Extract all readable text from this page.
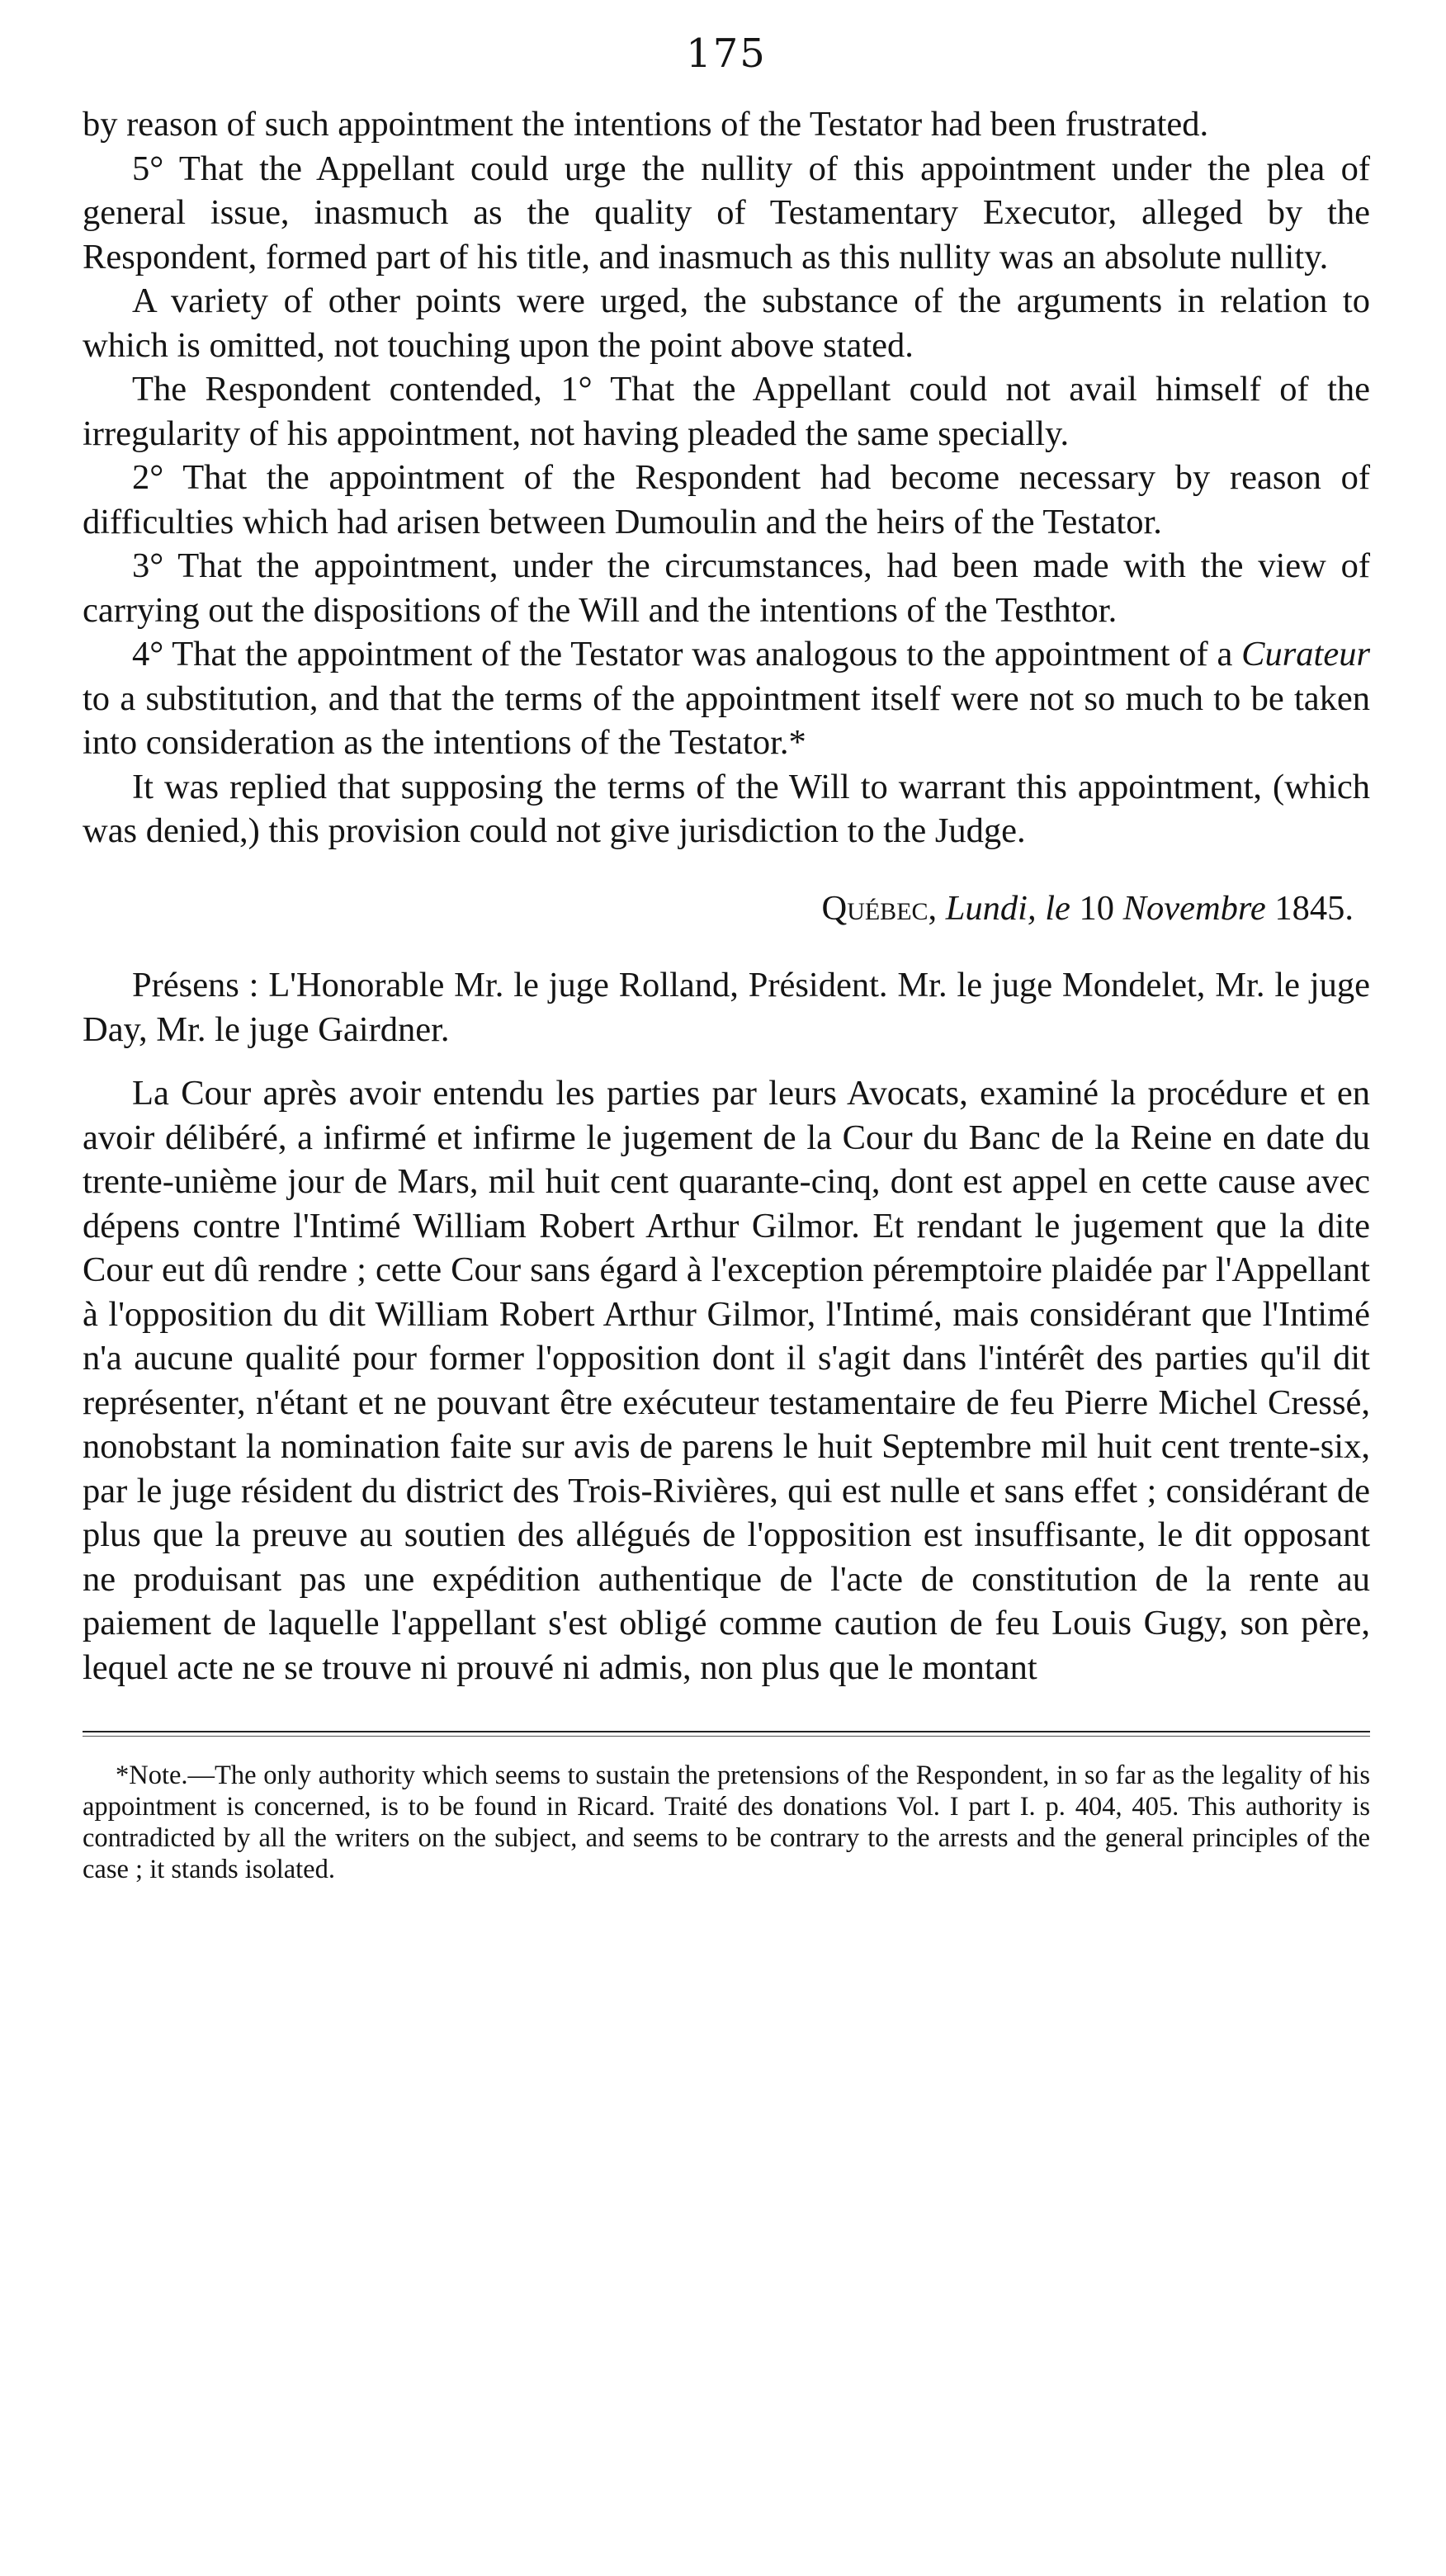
175

by reason of such appointment the intentions of the Testator had been frustrated.

5° That the Appellant could urge the nullity of this appointment under the plea of general issue, inasmuch as the quality of Testamentary Executor, alleged by the Respondent, formed part of his title, and inasmuch as this nullity was an absolute nullity.

A variety of other points were urged, the substance of the arguments in relation to which is omitted, not touching upon the point above stated.

The Respondent contended, 1° That the Appellant could not avail himself of the irregularity of his appointment, not having pleaded the same specially.

2° That the appointment of the Respondent had become necessary by reason of difficulties which had arisen between Dumoulin and the heirs of the Testator.

3° That the appointment, under the circumstances, had been made with the view of carrying out the dispositions of the Will and the intentions of the Testhtor.

4° That the appointment of the Testator was analogous to the appointment of a Curateur to a substitution, and that the terms of the appointment itself were not so much to be taken into consideration as the intentions of the Testator.*

It was replied that supposing the terms of the Will to warrant this appointment, (which was denied,) this provision could not give jurisdiction to the Judge.

Québec, Lundi, le 10 Novembre 1845.

Présens : L'Honorable Mr. le juge Rolland, Président. Mr. le juge Mondelet, Mr. le juge Day, Mr. le juge Gairdner.

La Cour après avoir entendu les parties par leurs Avocats, examiné la procédure et en avoir délibéré, a infirmé et infirme le jugement de la Cour du Banc de la Reine en date du trente-unième jour de Mars, mil huit cent quarante-cinq, dont est appel en cette cause avec dépens contre l'Intimé William Robert Arthur Gilmor. Et rendant le jugement que la dite Cour eut dû rendre ; cette Cour sans égard à l'exception péremptoire plaidée par l'Appellant à l'opposition du dit William Robert Arthur Gilmor, l'Intimé, mais considérant que l'Intimé n'a aucune qualité pour former l'opposition dont il s'agit dans l'intérêt des parties qu'il dit représenter, n'étant et ne pouvant être exécuteur testamentaire de feu Pierre Michel Cressé, nonobstant la nomination faite sur avis de parens le huit Septembre mil huit cent trente-six, par le juge résident du district des Trois-Rivières, qui est nulle et sans effet ; considérant de plus que la preuve au soutien des allégués de l'opposition est insuffisante, le dit opposant ne produisant pas une expédition authentique de l'acte de constitution de la rente au paiement de laquelle l'appellant s'est obligé comme caution de feu Louis Gugy, son père, lequel acte ne se trouve ni prouvé ni admis, non plus que le montant

*Note.—The only authority which seems to sustain the pretensions of the Respondent, in so far as the legality of his appointment is concerned, is to be found in Ricard. Traité des donations Vol. I part I. p. 404, 405. This authority is contradicted by all the writers on the subject, and seems to be contrary to the arrests and the general principles of the case ; it stands isolated.
